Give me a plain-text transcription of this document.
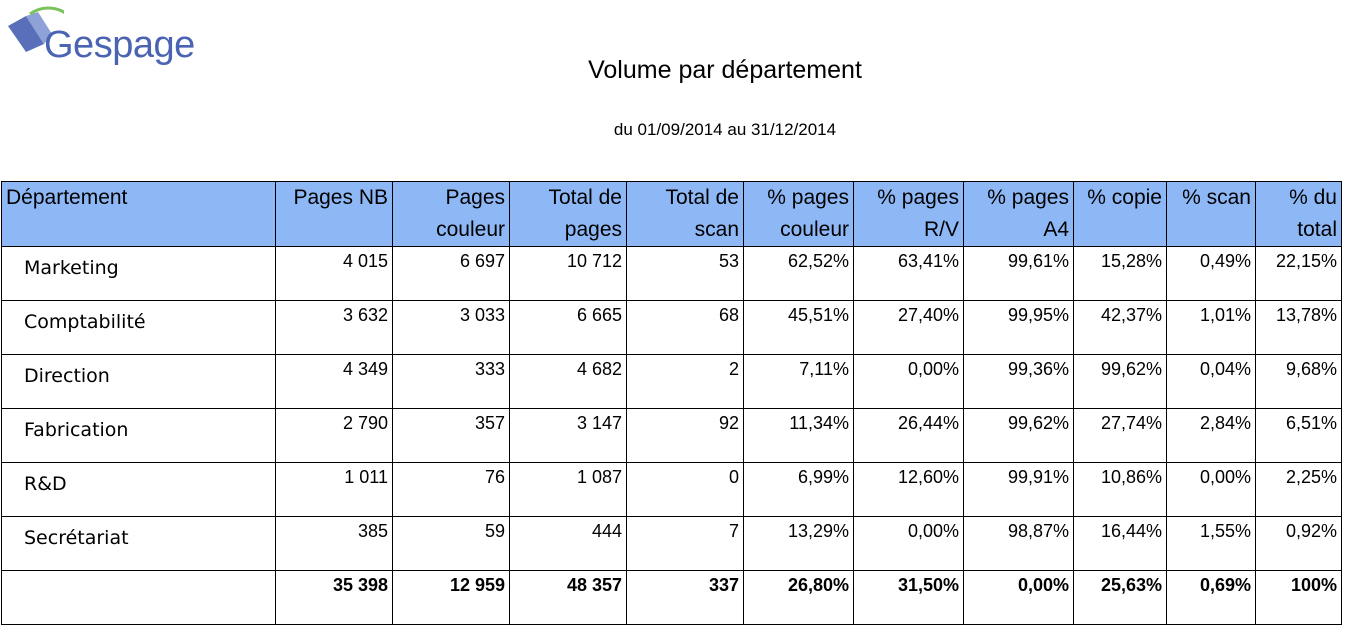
Gespage
Volume par département
du 01/09/2014 au 31/12/2014
Département	Pages NB	Pages couleur	Total de pages	Total de scan	% pages couleur	% pages R/V	% pages A4	% copie	% scan	% du total
Marketing	4 015	6 697	10 712	53	62,52%	63,41%	99,61%	15,28%	0,49%	22,15%
Comptabilité	3 632	3 033	6 665	68	45,51%	27,40%	99,95%	42,37%	1,01%	13,78%
Direction	4 349	333	4 682	2	7,11%	0,00%	99,36%	99,62%	0,04%	9,68%
Fabrication	2 790	357	3 147	92	11,34%	26,44%	99,62%	27,74%	2,84%	6,51%
R&D	1 011	76	1 087	0	6,99%	12,60%	99,91%	10,86%	0,00%	2,25%
Secrétariat	385	59	444	7	13,29%	0,00%	98,87%	16,44%	1,55%	0,92%
	35 398	12 959	48 357	337	26,80%	31,50%	0,00%	25,63%	0,69%	100%
